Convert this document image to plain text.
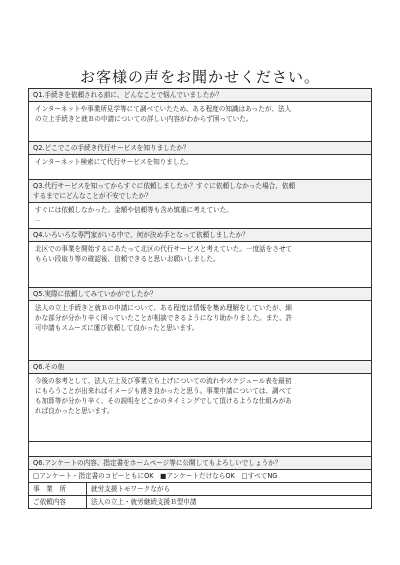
お客様の声をお聞かせください。
Q1.手続きを依頼される前に、どんなことで悩んでいましたか？
インターネットや事業所見学等にて調べていたため、ある程度の知識はあったが、法人
の立上手続きと就Ｂの申請についての詳しい内容がわからず困っていた。
Q2.どこでこの手続き代行サービスを知りましたか？
インターネット検索にて代行サービスを知りました。
Q3.代行サービスを知ってからすぐに依頼しましたか？すぐに依頼しなかった場合、依頼
するまでにどんなことが不安でしたか？
すぐには依頼しなかった。金額や信頼等も含め慎重に考えていた。
...
Q4.いろいろな専門家がいる中で、何が決め手となって依頼しましたか？
北区での事業を開始するにあたって北区の代行サービスと考えていた。一度話をさせて
もらい段取り等の確認後、信頼できると思いお願いしました。
Q5.実際に依頼してみていかがでしたか？
法人の立上手続きと就Ｂの申請について、ある程度は情報を集め理解をしていたが、細
かな部分が分かり辛く困っていたことが相談できるようになり助かりました。また、許
可申請もスムーズに運び依頼して良かったと思います。
Q6.その他
今後の参考として、法人立上及び事業立ち上げについての流れやスケジュール表を最初
にもらうことが出来ればイメージも湧き良かったと思う。事業申請については、調べて
も加算等が分かり辛く、その説明をどこかのタイミングでして頂けるような仕組みがあ
れば良かったと思います。
Q6.アンケートの内容、指定書をホームページ等に公開してもよろしいでしょうか？
□アンケート・指定書のコピーともにOK　■アンケートだけならOK　□すべてNG
事　業　所	就労支援トモワークながら
ご依頼内容	法人の立上・就労継続支援Ｂ型申請
